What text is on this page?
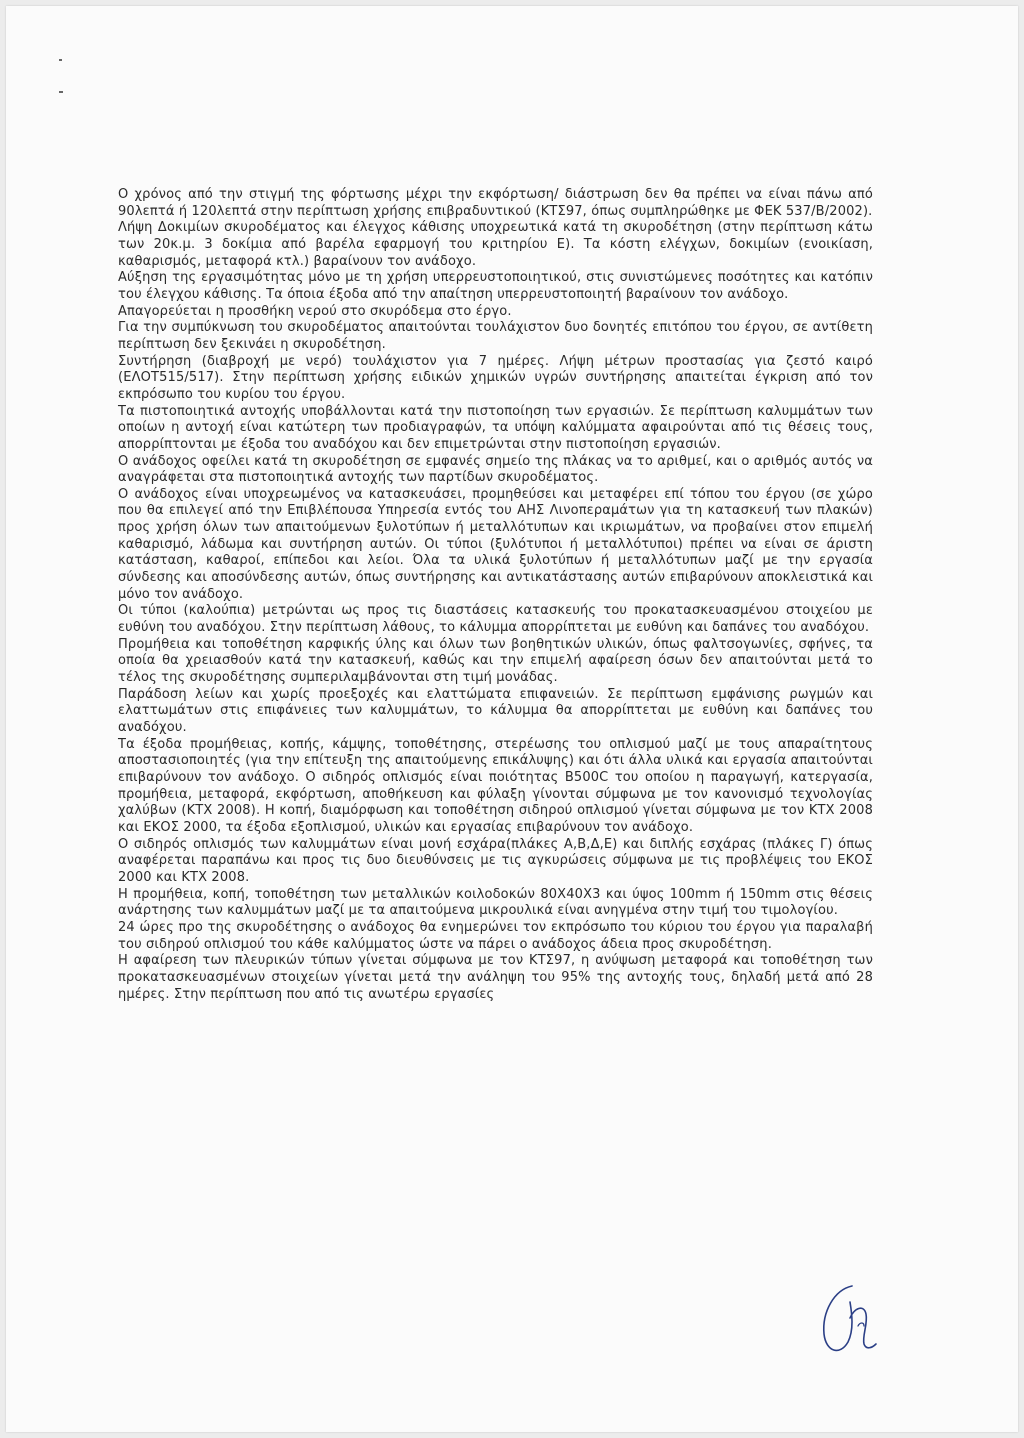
Ο χρόνος από την στιγμή της φόρτωσης μέχρι την εκφόρτωση/ διάστρωση δεν θα πρέπει να είναι πάνω από 90λεπτά ή 120λεπτά στην περίπτωση χρήσης επιβραδυντικού (ΚΤΣ97, όπως συμπληρώθηκε με ΦΕΚ 537/Β/2002).

Λήψη Δοκιμίων σκυροδέματος και έλεγχος κάθισης υποχρεωτικά κατά τη σκυροδέτηση (στην περίπτωση κάτω των 20κ.μ. 3 δοκίμια από βαρέλα εφαρμογή του κριτηρίου Ε). Τα κόστη ελέγχων, δοκιμίων (ενοικίαση, καθαρισμός, μεταφορά κτλ.) βαραίνουν τον ανάδοχο.

Αύξηση της εργασιμότητας μόνο με τη χρήση υπερρευστοποιητικού, στις συνιστώμενες ποσότητες και κατόπιν του έλεγχου κάθισης. Τα όποια έξοδα από την απαίτηση υπερρευστοποιητή βαραίνουν τον ανάδοχο.

Απαγορεύεται η προσθήκη νερού στο σκυρόδεμα στο έργο.

Για την συμπύκνωση του σκυροδέματος απαιτούνται τουλάχιστον δυο δονητές επιτόπου του έργου, σε αντίθετη περίπτωση δεν ξεκινάει η σκυροδέτηση.

Συντήρηση (διαβροχή με νερό) τουλάχιστον για 7 ημέρες. Λήψη μέτρων προστασίας για ζεστό καιρό (ΕΛΟΤ515/517). Στην περίπτωση χρήσης ειδικών χημικών υγρών συντήρησης απαιτείται έγκριση από τον εκπρόσωπο του κυρίου του έργου.

Τα πιστοποιητικά αντοχής υποβάλλονται κατά την πιστοποίηση των εργασιών. Σε περίπτωση καλυμμάτων των οποίων η αντοχή είναι κατώτερη των προδιαγραφών, τα υπόψη καλύμματα αφαιρούνται από τις θέσεις τους, απορρίπτονται με έξοδα του αναδόχου και δεν επιμετρώνται στην πιστοποίηση εργασιών.

Ο ανάδοχος οφείλει κατά τη σκυροδέτηση σε εμφανές σημείο της πλάκας να το αριθμεί, και ο αριθμός αυτός να αναγράφεται στα πιστοποιητικά αντοχής των παρτίδων σκυροδέματος.

Ο ανάδοχος είναι υποχρεωμένος να κατασκευάσει, προμηθεύσει και μεταφέρει επί τόπου του έργου (σε χώρο που θα επιλεγεί από την Επιβλέπουσα Υπηρεσία εντός του ΑΗΣ Λινοπεραμάτων για τη κατασκευή των πλακών) προς χρήση όλων των απαιτούμενων ξυλοτύπων ή μεταλλότυπων και ικριωμάτων, να προβαίνει στον επιμελή καθαρισμό, λάδωμα και συντήρηση αυτών. Οι τύποι (ξυλότυποι ή μεταλλότυποι) πρέπει να είναι σε άριστη κατάσταση, καθαροί, επίπεδοι και λείοι. Όλα τα υλικά ξυλοτύπων ή μεταλλότυπων μαζί με την εργασία σύνδεσης και αποσύνδεσης αυτών, όπως συντήρησης και αντικατάστασης αυτών επιβαρύνουν αποκλειστικά και μόνο τον ανάδοχο.

Οι τύποι (καλούπια) μετρώνται ως προς τις διαστάσεις κατασκευής του προκατασκευασμένου στοιχείου με ευθύνη του αναδόχου. Στην περίπτωση λάθους, το κάλυμμα απορρίπτεται με ευθύνη και δαπάνες του αναδόχου.

Προμήθεια και τοποθέτηση καρφικής ύλης και όλων των βοηθητικών υλικών, όπως φαλτσογωνίες, σφήνες, τα οποία θα χρειασθούν κατά την κατασκευή, καθώς και την επιμελή αφαίρεση όσων δεν απαιτούνται μετά το τέλος της σκυροδέτησης συμπεριλαμβάνονται στη τιμή μονάδας.

Παράδοση λείων και χωρίς προεξοχές και ελαττώματα επιφανειών. Σε περίπτωση εμφάνισης ρωγμών και ελαττωμάτων στις επιφάνειες των καλυμμάτων, το κάλυμμα θα απορρίπτεται με ευθύνη και δαπάνες του αναδόχου.

Τα έξοδα προμήθειας, κοπής, κάμψης, τοποθέτησης, στερέωσης του οπλισμού μαζί με τους απαραίτητους αποστασιοποιητές (για την επίτευξη της απαιτούμενης επικάλυψης) και ότι άλλα υλικά και εργασία απαιτούνται επιβαρύνουν τον ανάδοχο. Ο σιδηρός οπλισμός είναι ποιότητας Β500C του οποίου η παραγωγή, κατεργασία, προμήθεια, μεταφορά, εκφόρτωση, αποθήκευση και φύλαξη γίνονται σύμφωνα με τον κανονισμό τεχνολογίας χαλύβων (ΚΤΧ 2008). Η κοπή, διαμόρφωση και τοποθέτηση σιδηρού οπλισμού γίνεται σύμφωνα με τον ΚΤΧ 2008 και ΕΚΟΣ 2000, τα έξοδα εξοπλισμού, υλικών και εργασίας επιβαρύνουν τον ανάδοχο.

Ο σιδηρός οπλισμός των καλυμμάτων είναι μονή εσχάρα(πλάκες Α,Β,Δ,Ε) και διπλής εσχάρας (πλάκες Γ) όπως αναφέρεται παραπάνω και προς τις δυο διευθύνσεις με τις αγκυρώσεις σύμφωνα με τις προβλέψεις του ΕΚΟΣ 2000 και ΚΤΧ 2008.

Η προμήθεια, κοπή, τοποθέτηση των μεταλλικών κοιλοδοκών 80Χ40Χ3 και ύψος 100mm ή 150mm στις θέσεις ανάρτησης των καλυμμάτων μαζί με τα απαιτούμενα μικρουλικά είναι ανηγμένα στην τιμή του τιμολογίου.

24 ώρες προ της σκυροδέτησης ο ανάδοχος θα ενημερώνει τον εκπρόσωπο του κύριου του έργου για παραλαβή του σιδηρού οπλισμού του κάθε καλύμματος ώστε να πάρει ο ανάδοχος άδεια προς σκυροδέτηση.

Η αφαίρεση των πλευρικών τύπων γίνεται σύμφωνα με τον ΚΤΣ97, η ανύψωση μεταφορά και τοποθέτηση των προκατασκευασμένων στοιχείων γίνεται μετά την ανάληψη του 95% της αντοχής τους, δηλαδή μετά από 28 ημέρες. Στην περίπτωση που από τις ανωτέρω εργασίες
